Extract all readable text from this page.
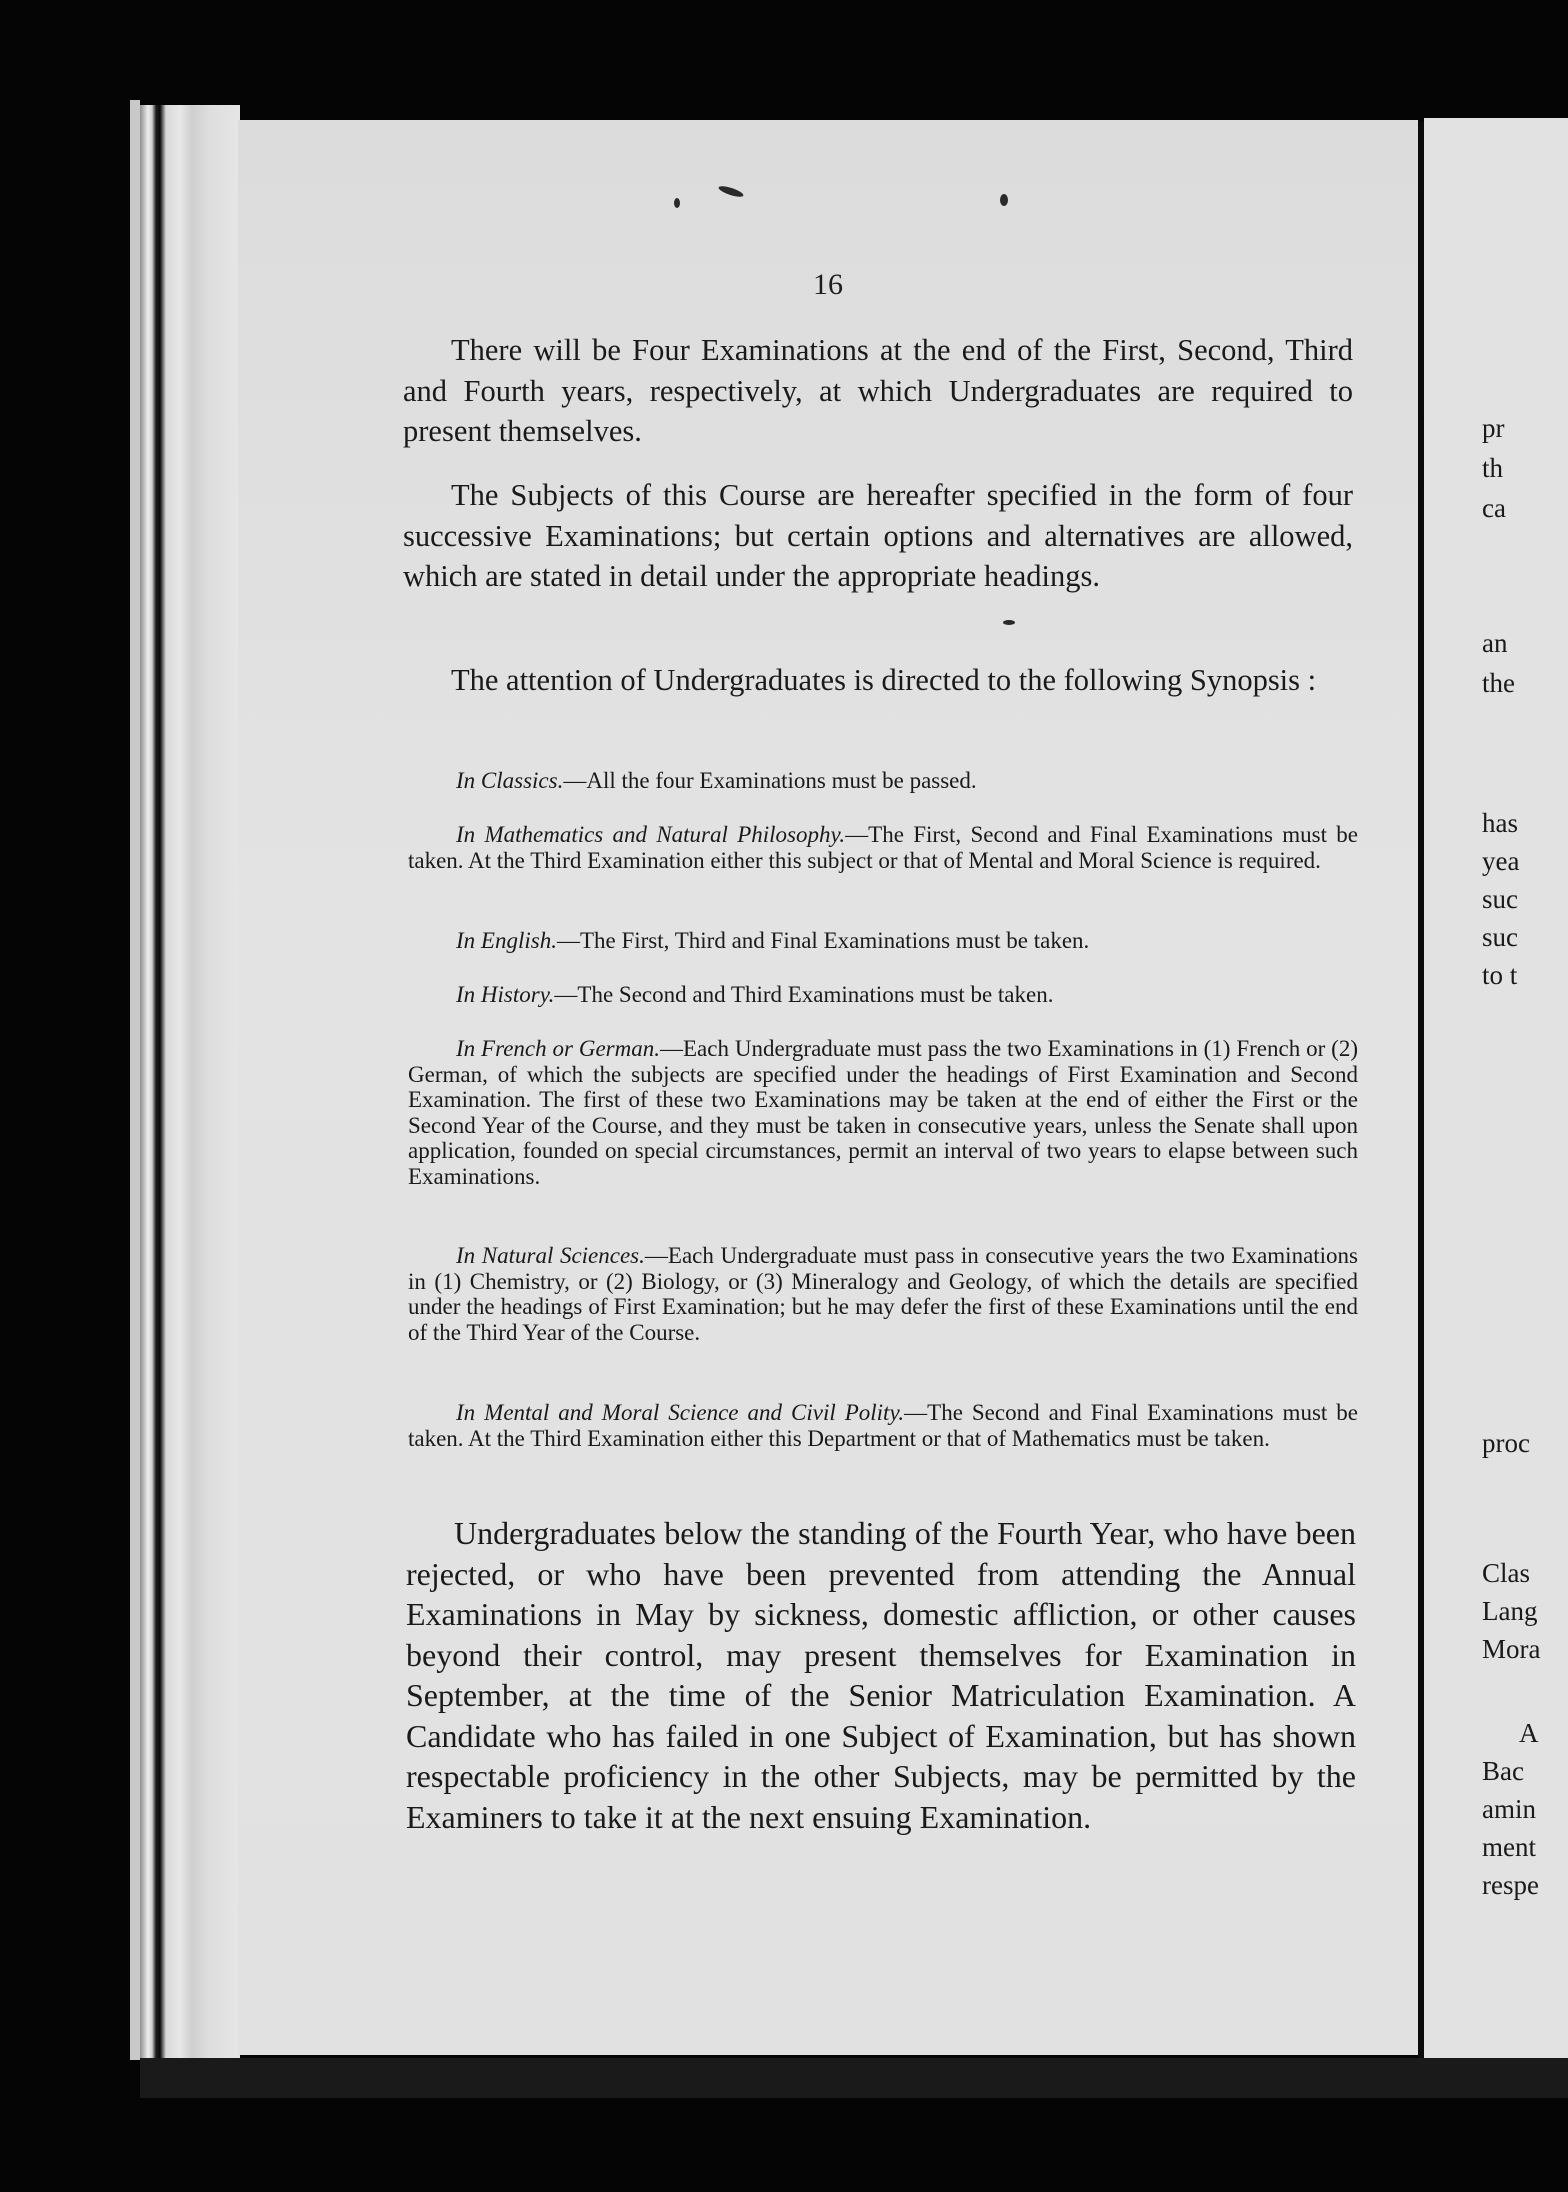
16

There will be Four Examinations at the end of the First, Second, Third and Fourth years, respectively, at which Undergraduates are required to present themselves.

The Subjects of this Course are hereafter specified in the form of four successive Examinations; but certain options and alternatives are allowed, which are stated in detail under the appropriate headings.

The attention of Undergraduates is directed to the following Synopsis :

In Classics.—All the four Examinations must be passed.

In Mathematics and Natural Philosophy.—The First, Second and Final Examinations must be taken. At the Third Examination either this subject or that of Mental and Moral Science is required.

In English.—The First, Third and Final Examinations must be taken.

In History.—The Second and Third Examinations must be taken.

In French or German.—Each Undergraduate must pass the two Examinations in (1) French or (2) German, of which the subjects are specified under the headings of First Examination and Second Examination. The first of these two Examinations may be taken at the end of either the First or the Second Year of the Course, and they must be taken in consecutive years, unless the Senate shall upon application, founded on special circumstances, permit an interval of two years to elapse between such Examinations.

In Natural Sciences.—Each Undergraduate must pass in consecutive years the two Examinations in (1) Chemistry, or (2) Biology, or (3) Mineralogy and Geology, of which the details are specified under the headings of First Examination; but he may defer the first of these Examinations until the end of the Third Year of the Course.

In Mental and Moral Science and Civil Polity.—The Second and Final Examinations must be taken. At the Third Examination either this Department or that of Mathematics must be taken.

Undergraduates below the standing of the Fourth Year, who have been rejected, or who have been prevented from attending the Annual Examinations in May by sickness, domestic affliction, or other causes beyond their control, may present themselves for Examination in September, at the time of the Senior Matriculation Examination. A Candidate who has failed in one Subject of Examination, but has shown respectable proficiency in the other Subjects, may be permitted by the Examiners to take it at the next ensuing Examination.

pr
th
ca
an
the
has
yea
suc
suc
to t
proc
Clas
Lang
Mora
A
Bac
amin
ment
respe
